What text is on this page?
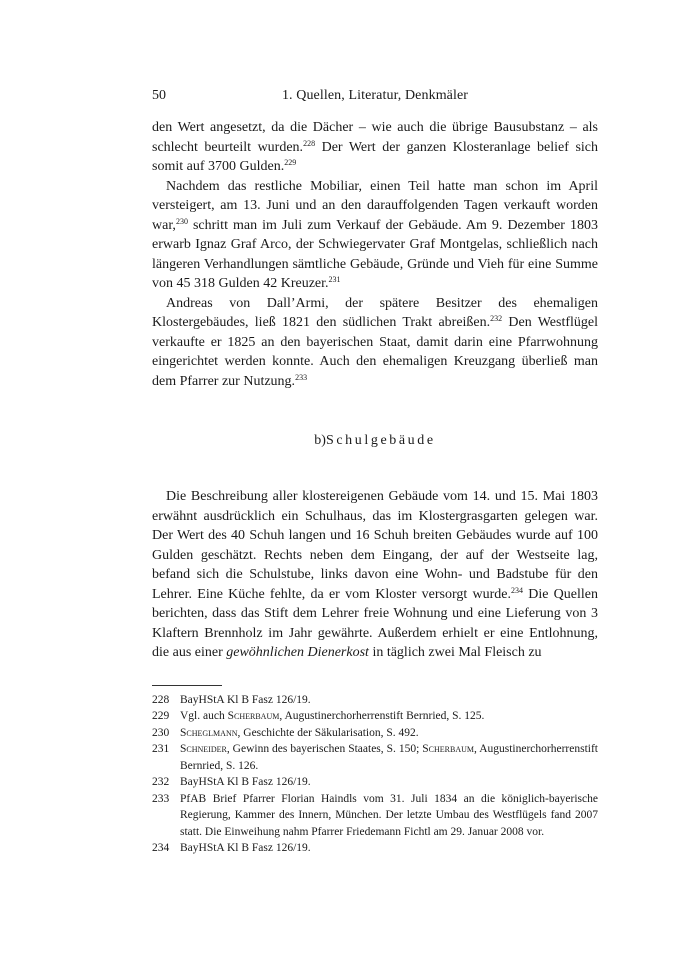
50	1. Quellen, Literatur, Denkmäler

den Wert angesetzt, da die Dächer – wie auch die übrige Bausubstanz – als schlecht beurteilt wurden.$^{228}$ Der Wert der ganzen Klosteranlage belief sich somit auf 3700 Gulden.$^{229}$

Nachdem das restliche Mobiliar, einen Teil hatte man schon im April versteigert, am 13. Juni und an den darauffolgenden Tagen verkauft worden war,$^{230}$ schritt man im Juli zum Verkauf der Gebäude. Am 9. Dezember 1803 erwarb Ignaz Graf Arco, der Schwiegervater Graf Montgelas, schließlich nach längeren Verhandlungen sämtliche Gebäude, Gründe und Vieh für eine Summe von 45 318 Gulden 42 Kreuzer.$^{231}$

Andreas von Dall’Armi, der spätere Besitzer des ehemaligen Klostergebäudes, ließ 1821 den südlichen Trakt abreißen.$^{232}$ Den Westflügel verkaufte er 1825 an den bayerischen Staat, damit darin eine Pfarrwohnung eingerichtet werden konnte. Auch den ehemaligen Kreuzgang überließ man dem Pfarrer zur Nutzung.$^{233}$

b)Schulgebäude

Die Beschreibung aller klostereigenen Gebäude vom 14. und 15. Mai 1803 erwähnt ausdrücklich ein Schulhaus, das im Klostergrasgarten gelegen war. Der Wert des 40 Schuh langen und 16 Schuh breiten Gebäudes wurde auf 100 Gulden geschätzt. Rechts neben dem Eingang, der auf der Westseite lag, befand sich die Schulstube, links davon eine Wohn- und Badstube für den Lehrer. Eine Küche fehlte, da er vom Kloster versorgt wurde.$^{234}$ Die Quellen berichten, dass das Stift dem Lehrer freie Wohnung und eine Lieferung von 3 Klaftern Brennholz im Jahr gewährte. Außerdem erhielt er eine Entlohnung, die aus einer gewöhnlichen Dienerkost in täglich zwei Mal Fleisch zu

228 BayHStA Kl B Fasz 126/19.
229 Vgl. auch Scherbaum, Augustinerchorherrenstift Bernried, S. 125.
230 Scheglmann, Geschichte der Säkularisation, S. 492.
231 Schneider, Gewinn des bayerischen Staates, S. 150; Scherbaum, Augustinerchorherrenstift Bernried, S. 126.
232 BayHStA Kl B Fasz 126/19.
233 PfAB Brief Pfarrer Florian Haindls vom 31. Juli 1834 an die königlich-bayerische Regierung, Kammer des Innern, München. Der letzte Umbau des Westflügels fand 2007 statt. Die Einweihung nahm Pfarrer Friedemann Fichtl am 29. Januar 2008 vor.
234 BayHStA Kl B Fasz 126/19.
